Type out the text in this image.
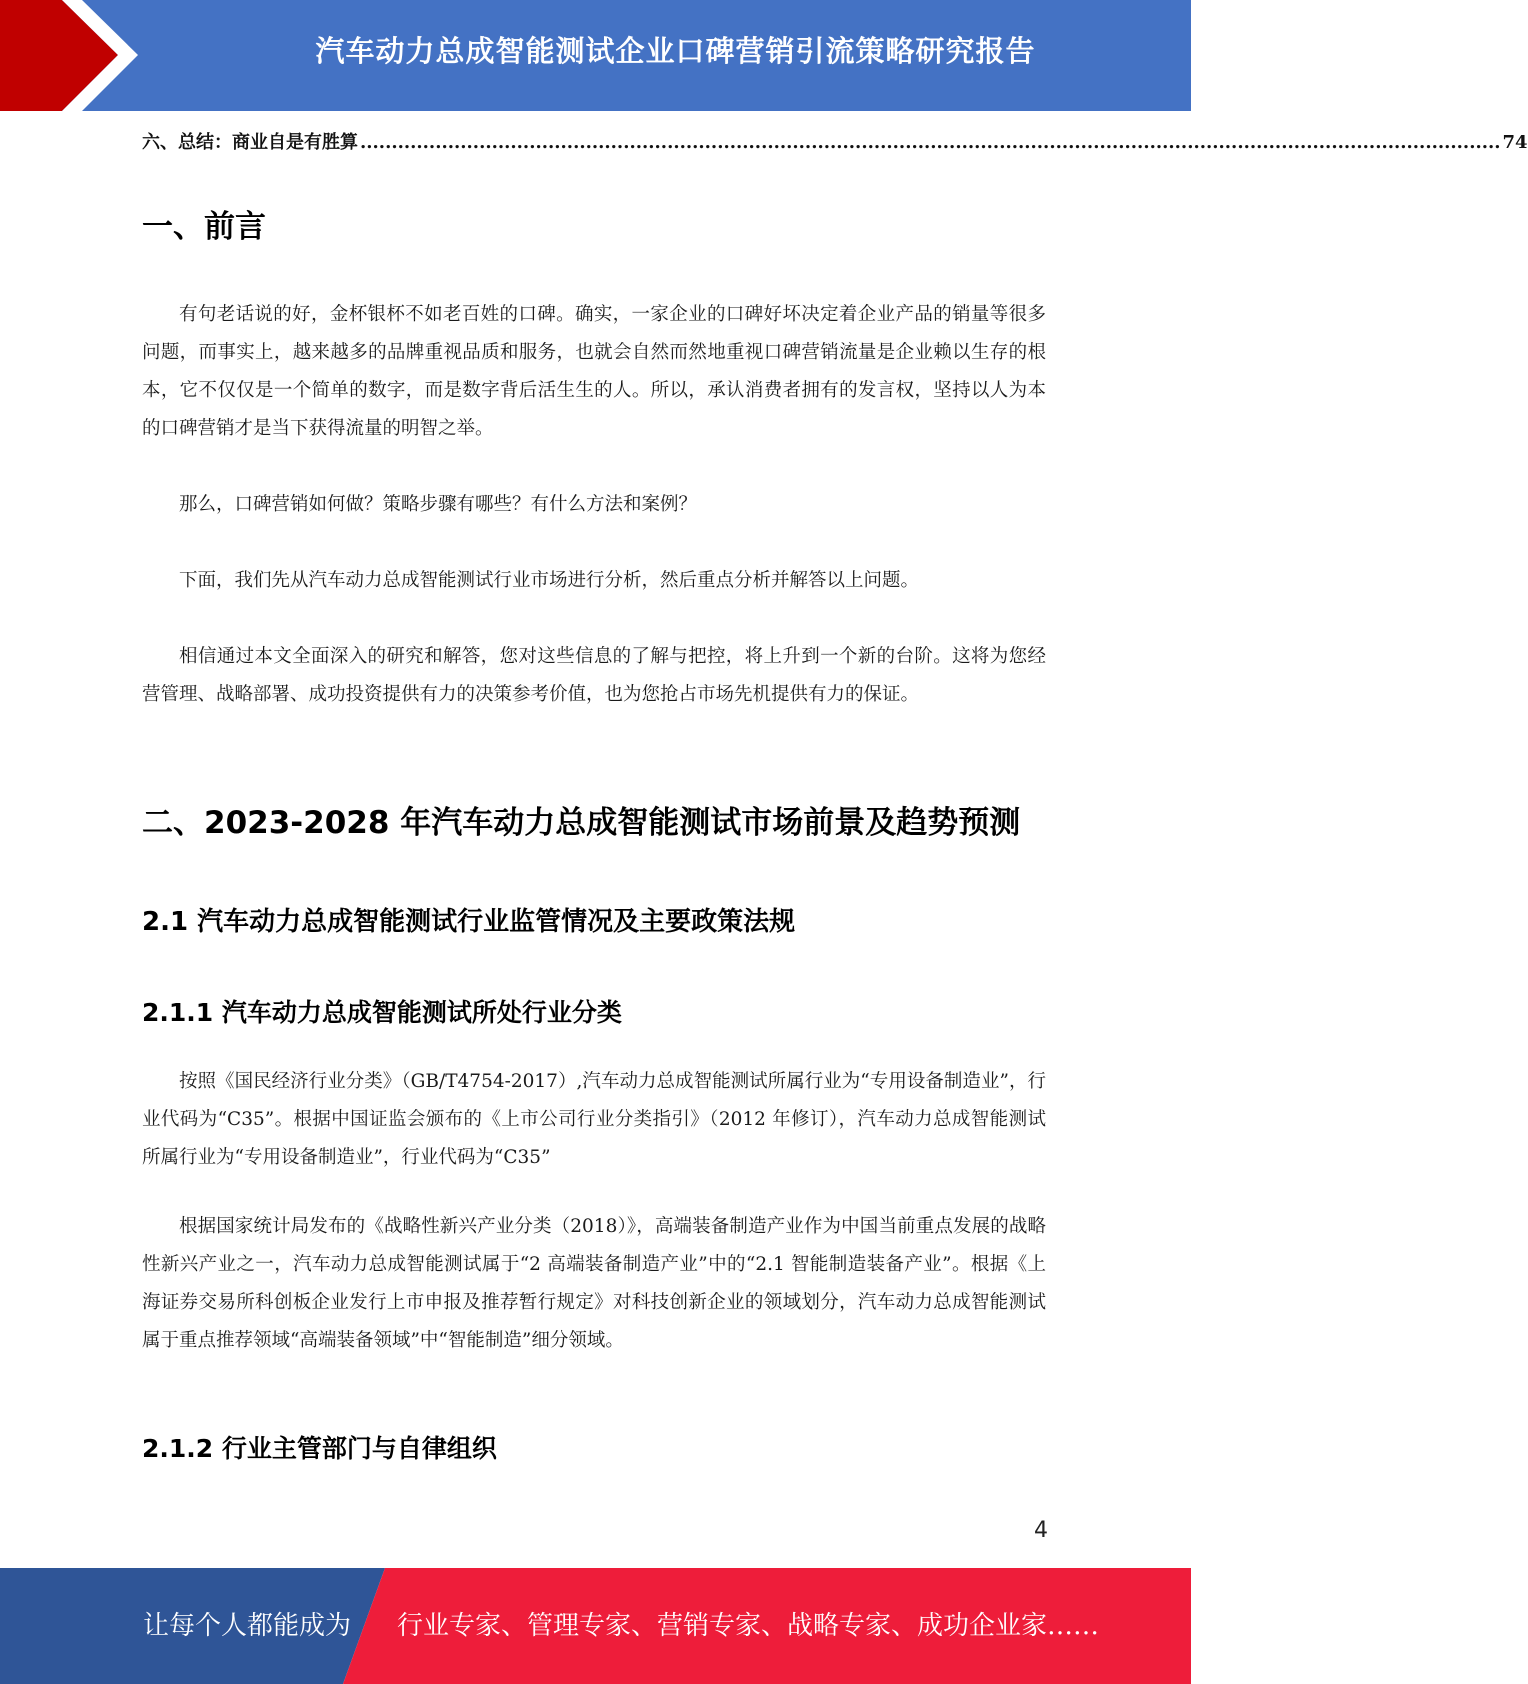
汽车动力总成智能测试企业口碑营销引流策略研究报告
六、总结：商业自是有胜算 ...................................................................................................................................................................................... 74
一、前言

有句老话说的好，金杯银杯不如老百姓的口碑。确实，一家企业的口碑好坏决定着企业产品的销量等很多问题，而事实上，越来越多的品牌重视品质和服务，也就会自然而然地重视口碑营销流量是企业赖以生存的根本，它不仅仅是一个简单的数字，而是数字背后活生生的人。所以，承认消费者拥有的发言权，坚持以人为本的口碑营销才是当下获得流量的明智之举。

那么，口碑营销如何做？策略步骤有哪些？有什么方法和案例？

下面，我们先从汽车动力总成智能测试行业市场进行分析，然后重点分析并解答以上问题。

相信通过本文全面深入的研究和解答，您对这些信息的了解与把控，将上升到一个新的台阶。这将为您经营管理、战略部署、成功投资提供有力的决策参考价值，也为您抢占市场先机提供有力的保证。

二、2023-2028 年汽车动力总成智能测试市场前景及趋势预测
2.1 汽车动力总成智能测试行业监管情况及主要政策法规
2.1.1 汽车动力总成智能测试所处行业分类

按照《国民经济行业分类》（GB/T4754-2017）,汽车动力总成智能测试所属行业为“专用设备制造业”，行业代码为“C35”。根据中国证监会颁布的《上市公司行业分类指引》（2012 年修订），汽车动力总成智能测试所属行业为“专用设备制造业”，行业代码为“C35”

根据国家统计局发布的《战略性新兴产业分类（2018）》，高端装备制造产业作为中国当前重点发展的战略性新兴产业之一，汽车动力总成智能测试属于“2 高端装备制造产业”中的“2.1 智能制造装备产业”。根据《上海证券交易所科创板企业发行上市申报及推荐暂行规定》对科技创新企业的领域划分，汽车动力总成智能测试属于重点推荐领域“高端装备领域”中“智能制造”细分领域。

2.1.2 行业主管部门与自律组织
4
让每个人都能成为 行业专家、管理专家、营销专家、战略专家、成功企业家……
